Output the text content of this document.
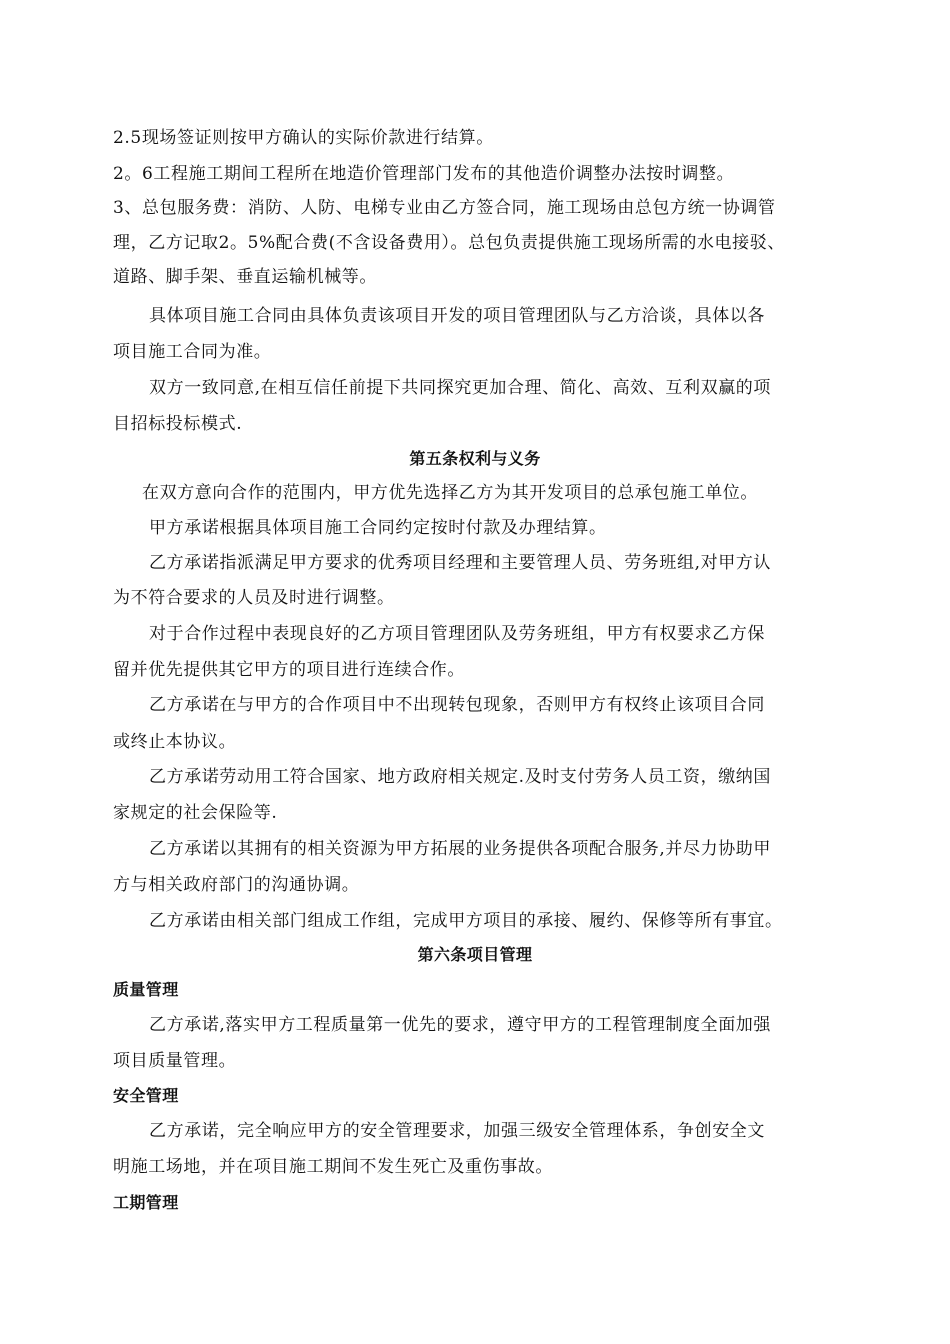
2.5现场签证则按甲方确认的实际价款进行结算。
2。6工程施工期间工程所在地造价管理部门发布的其他造价调整办法按时调整。
3、总包服务费：消防、人防、电梯专业由乙方签合同，施工现场由总包方统一协调管
理，乙方记取2。5%配合费(不含设备费用）。总包负责提供施工现场所需的水电接驳、
道路、脚手架、垂直运输机械等。
具体项目施工合同由具体负责该项目开发的项目管理团队与乙方洽谈，具体以各
项目施工合同为准。
双方一致同意,在相互信任前提下共同探究更加合理、简化、高效、互利双赢的项
目招标投标模式.
第五条权利与义务
在双方意向合作的范围内，甲方优先选择乙方为其开发项目的总承包施工单位。
甲方承诺根据具体项目施工合同约定按时付款及办理结算。
乙方承诺指派满足甲方要求的优秀项目经理和主要管理人员、劳务班组,对甲方认
为不符合要求的人员及时进行调整。
对于合作过程中表现良好的乙方项目管理团队及劳务班组，甲方有权要求乙方保
留并优先提供其它甲方的项目进行连续合作。
乙方承诺在与甲方的合作项目中不出现转包现象，否则甲方有权终止该项目合同
或终止本协议。
乙方承诺劳动用工符合国家、地方政府相关规定.及时支付劳务人员工资，缴纳国
家规定的社会保险等.
乙方承诺以其拥有的相关资源为甲方拓展的业务提供各项配合服务,并尽力协助甲
方与相关政府部门的沟通协调。
乙方承诺由相关部门组成工作组，完成甲方项目的承接、履约、保修等所有事宜。
第六条项目管理
质量管理
乙方承诺,落实甲方工程质量第一优先的要求，遵守甲方的工程管理制度全面加强
项目质量管理。
安全管理
乙方承诺，完全响应甲方的安全管理要求，加强三级安全管理体系，争创安全文
明施工场地，并在项目施工期间不发生死亡及重伤事故。
工期管理
